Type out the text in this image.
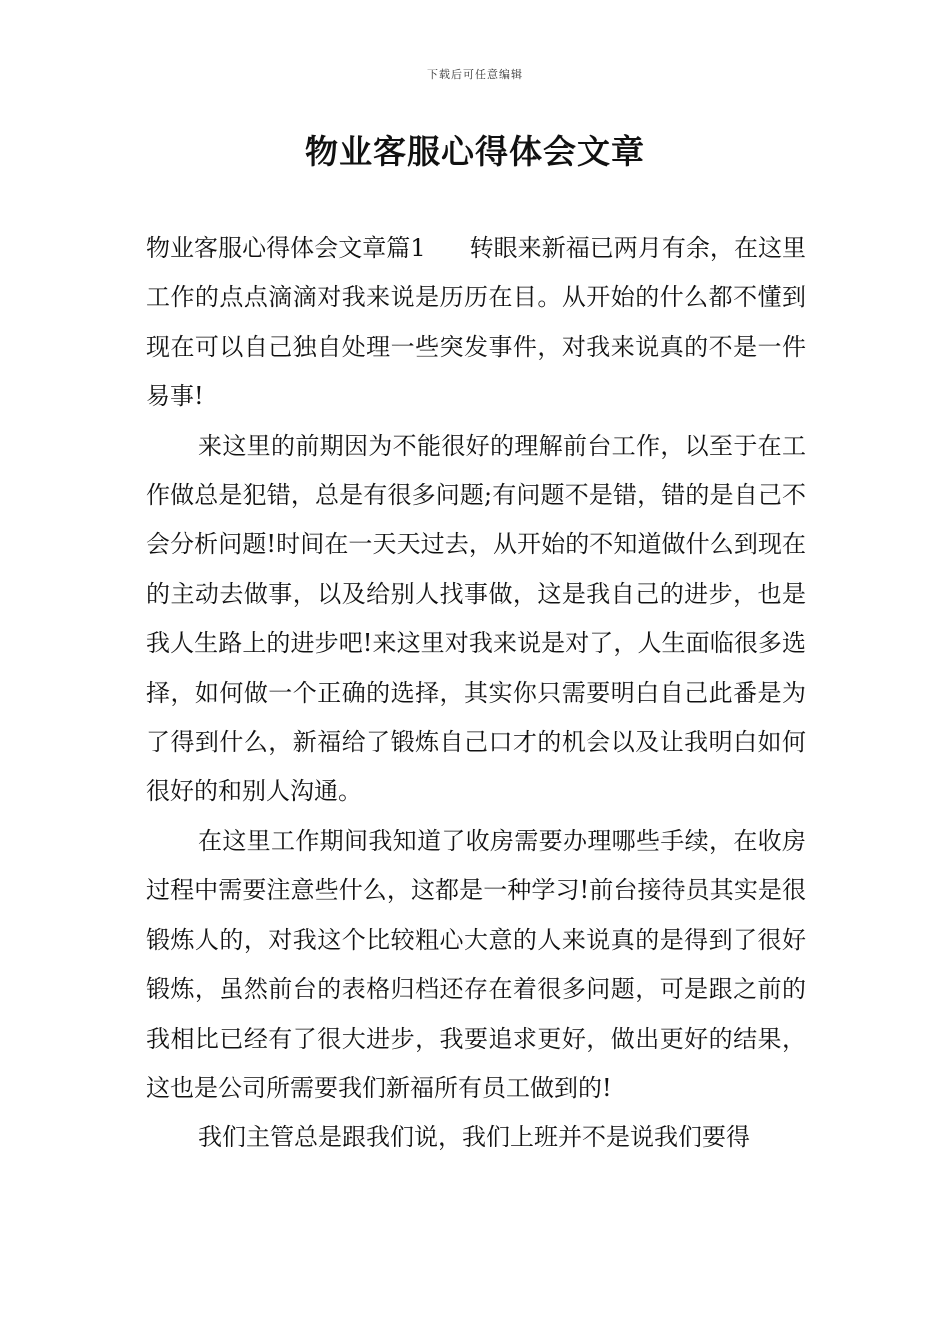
下载后可任意编辑
物业客服心得体会文章

物业客服心得体会文章篇1 转眼来新福已两月有余，在这里工作的点点滴滴对我来说是历历在目。从开始的什么都不懂到现在可以自己独自处理一些突发事件，对我来说真的不是一件易事!

来这里的前期因为不能很好的理解前台工作，以至于在工作做总是犯错，总是有很多问题;有问题不是错，错的是自己不会分析问题!时间在一天天过去，从开始的不知道做什么到现在的主动去做事，以及给别人找事做，这是我自己的进步，也是我人生路上的进步吧!来这里对我来说是对了，人生面临很多选择，如何做一个正确的选择，其实你只需要明白自己此番是为了得到什么，新福给了锻炼自己口才的机会以及让我明白如何很好的和别人沟通。

在这里工作期间我知道了收房需要办理哪些手续，在收房过程中需要注意些什么，这都是一种学习!前台接待员其实是很锻炼人的，对我这个比较粗心大意的人来说真的是得到了很好锻炼，虽然前台的表格归档还存在着很多问题，可是跟之前的我相比已经有了很大进步，我要追求更好，做出更好的结果，这也是公司所需要我们新福所有员工做到的!

我们主管总是跟我们说，我们上班并不是说我们要得
